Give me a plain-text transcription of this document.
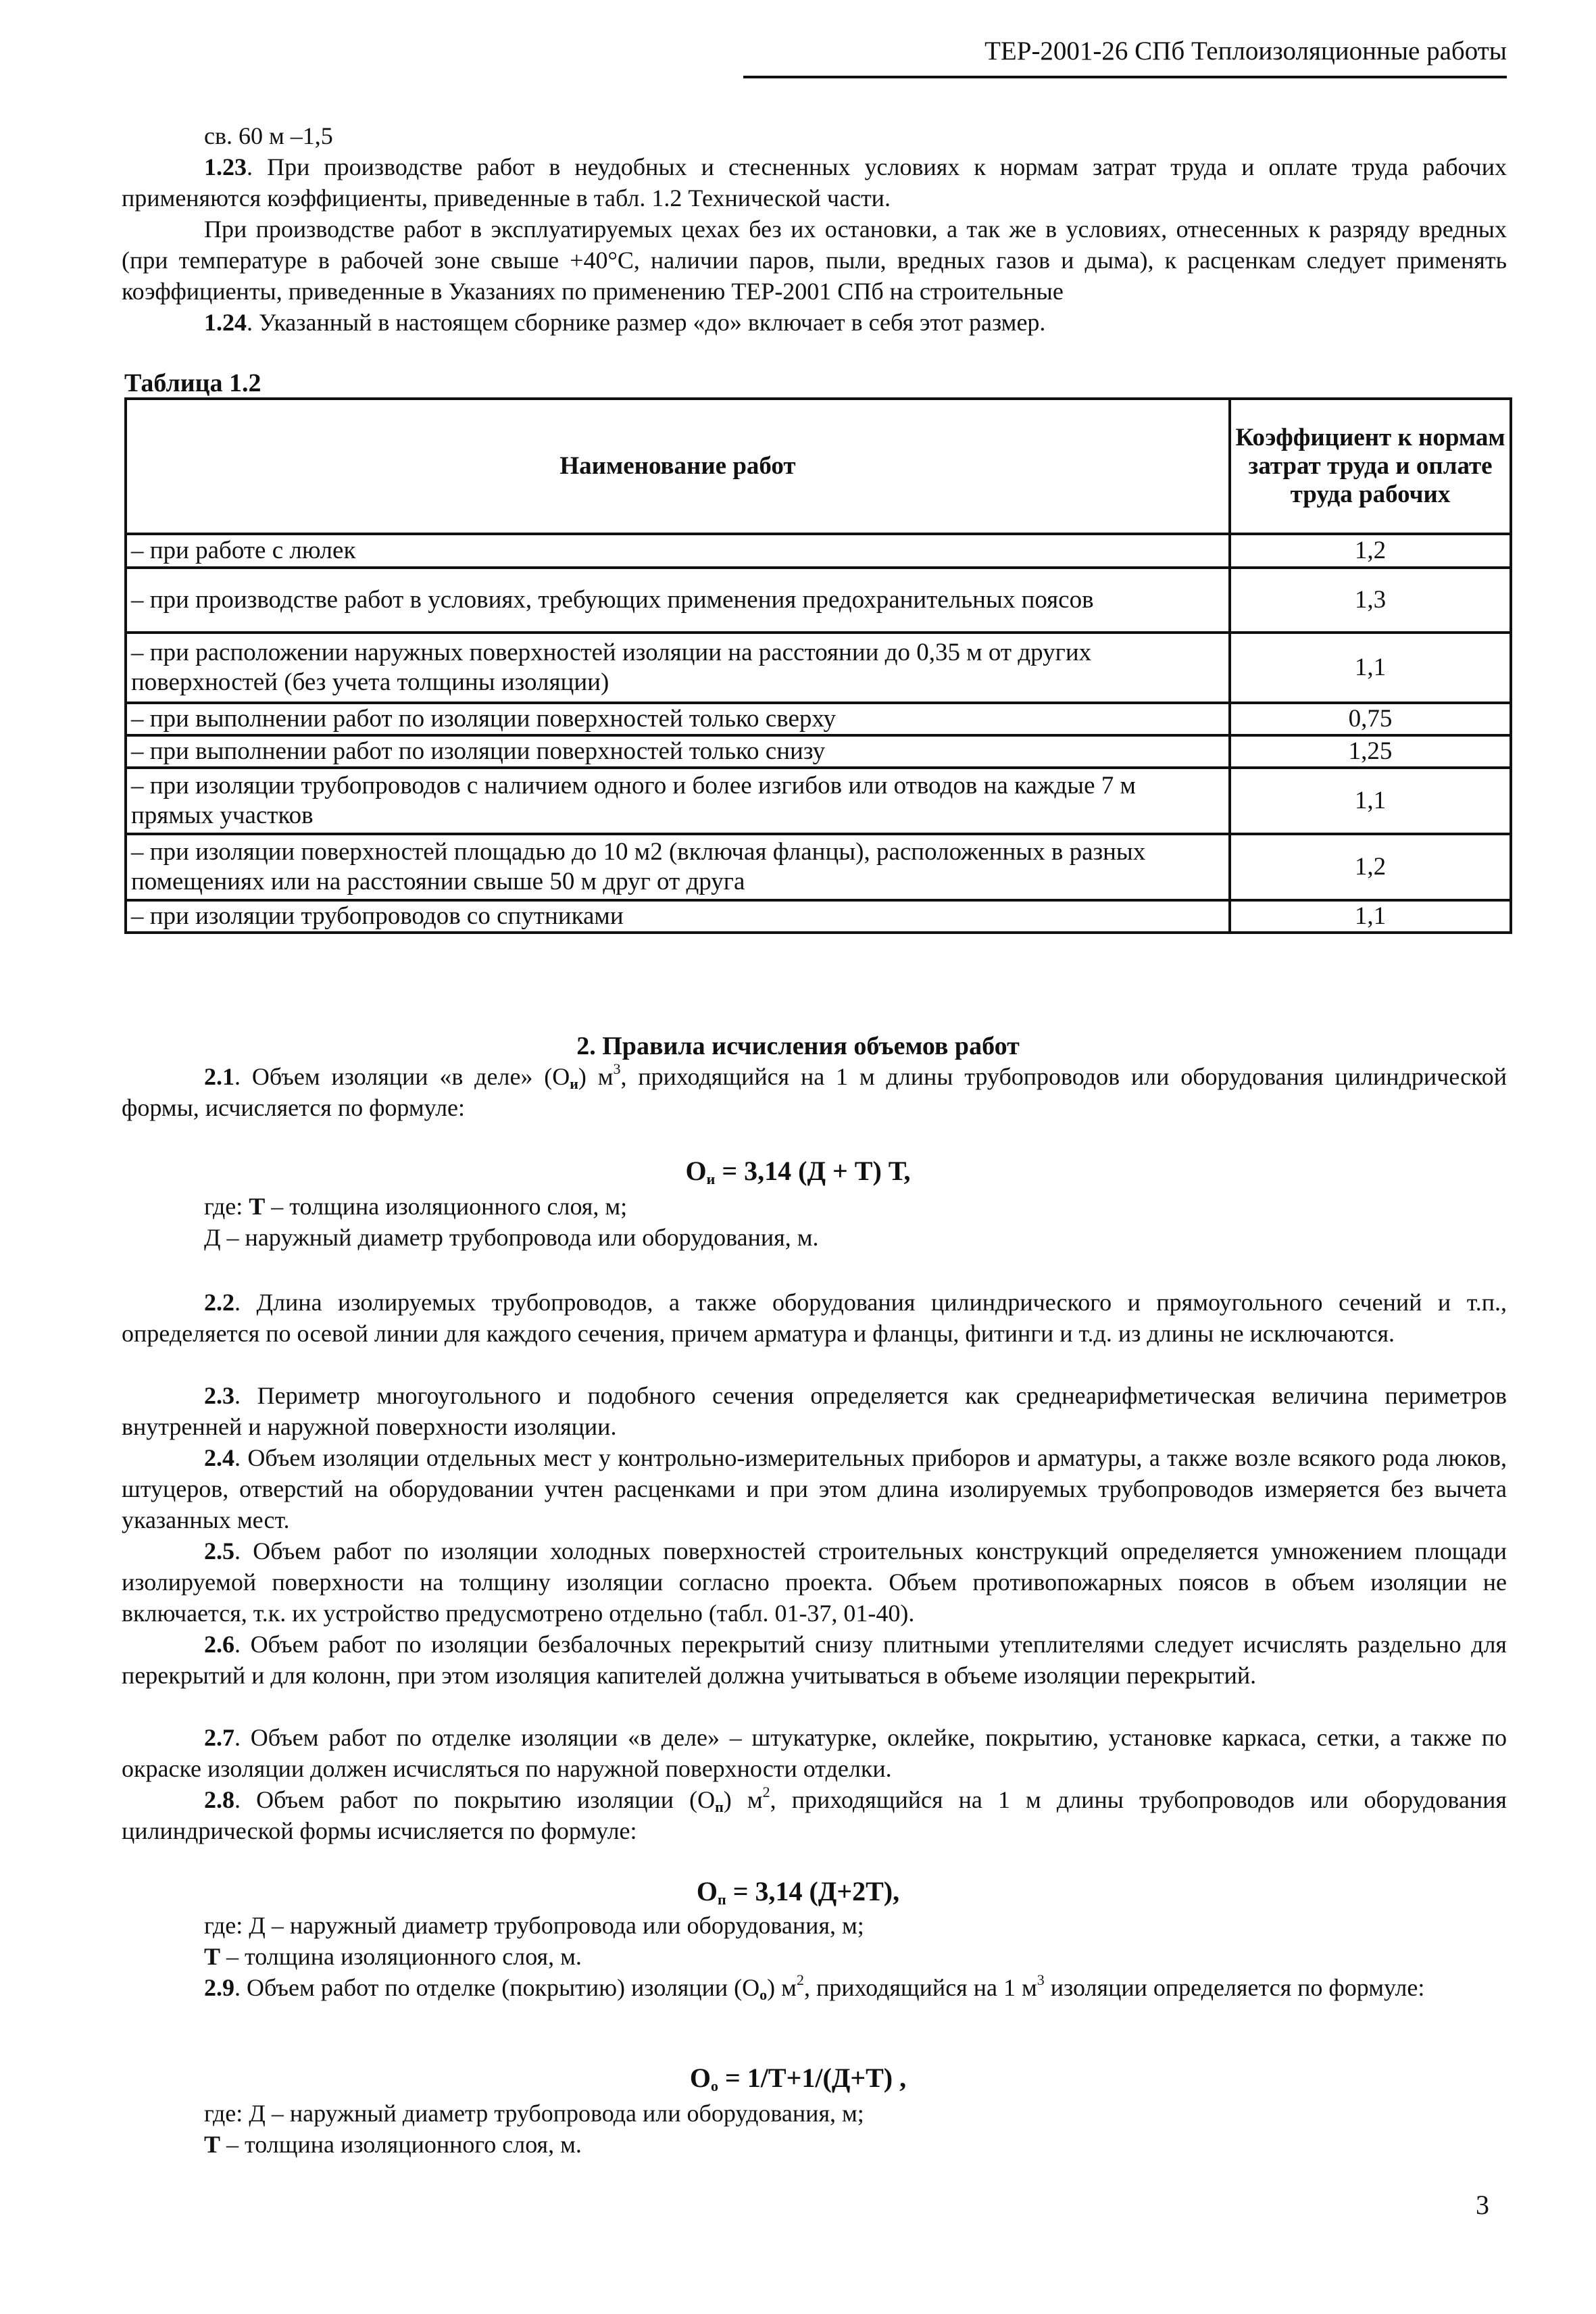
ТЕР-2001-26 СПб Теплоизоляционные работы
св. 60 м –1,5

1.23. При производстве работ в неудобных и стесненных условиях к нормам затрат труда и оплате труда рабочих применяются коэффициенты, приведенные в табл. 1.2 Технической части.

При производстве работ в эксплуатируемых цехах без их остановки, а так же в условиях, отнесенных к разряду вредных (при температуре в рабочей зоне свыше +40°С, наличии паров, пыли, вредных газов и дыма), к расценкам следует применять коэффициенты, приведенные в Указаниях по применению ТЕР-2001 СПб на строительные

1.24. Указанный в настоящем сборнике размер «до» включает в себя этот размер.

Таблица 1.2
Наименование работ	Коэффициент к нормам затрат труда и оплате труда рабочих
– при работе с люлек	1,2
– при производстве работ в условиях, требующих применения предохранительных поясов	1,3
– при расположении наружных поверхностей изоляции на расстоянии до 0,35 м от других поверхностей (без учета толщины изоляции)	1,1
– при выполнении работ по изоляции поверхностей только сверху	0,75
– при выполнении работ по изоляции поверхностей только снизу	1,25
– при изоляции трубопроводов с наличием одного и более изгибов или отводов на каждые 7 м прямых участков	1,1
– при изоляции поверхностей площадью до 10 м2 (включая фланцы), расположенных в разных помещениях или на расстоянии свыше 50 м друг от друга	1,2
– при изоляции трубопроводов со спутниками	1,1
2. Правила исчисления объемов работ

2.1. Объем изоляции «в деле» $(О_и)$ $м^3$, приходящийся на 1 м длины трубопроводов или оборудования цилиндрической формы, исчисляется по формуле:

$О_и = 3,14$ (Д + Т) Т,
где: Т – толщина изоляционного слоя, м;
Д – наружный диаметр трубопровода или оборудования, м.

2.2. Длина изолируемых трубопроводов, а также оборудования цилиндрического и прямоугольного сечений и т.п., определяется по осевой линии для каждого сечения, причем арматура и фланцы, фитинги и т.д. из длины не исключаются.

2.3. Периметр многоугольного и подобного сечения определяется как среднеарифметическая величина периметров внутренней и наружной поверхности изоляции.

2.4. Объем изоляции отдельных мест у контрольно-измерительных приборов и арматуры, а также возле всякого рода люков, штуцеров, отверстий на оборудовании учтен расценками и при этом длина изолируемых трубопроводов измеряется без вычета указанных мест.

2.5. Объем работ по изоляции холодных поверхностей строительных конструкций определяется умножением площади изолируемой поверхности на толщину изоляции согласно проекта. Объем противопожарных поясов в объем изоляции не включается, т.к. их устройство предусмотрено отдельно (табл. 01-37, 01-40).

2.6. Объем работ по изоляции безбалочных перекрытий снизу плитными утеплителями следует исчислять раздельно для перекрытий и для колонн, при этом изоляция капителей должна учитываться в объеме изоляции перекрытий.

2.7. Объем работ по отделке изоляции «в деле» – штукатурке, оклейке, покрытию, установке каркаса, сетки, а также по окраске изоляции должен исчисляться по наружной поверхности отделки.

2.8. Объем работ по покрытию изоляции $(О_п)$ $м^2$, приходящийся на 1 м длины трубопроводов или оборудования цилиндрической формы исчисляется по формуле:

$О_п = 3,14$ (Д+2Т),
где: Д – наружный диаметр трубопровода или оборудования, м;
Т – толщина изоляционного слоя, м.

2.9. Объем работ по отделке (покрытию) изоляции $(О_о)$ $м^2$, приходящийся на 1 $м^3$ изоляции определяется по формуле:

$О_о = 1/Т+1/(Д+Т)$ ,
где: Д – наружный диаметр трубопровода или оборудования, м;
Т – толщина изоляционного слоя, м.
3
